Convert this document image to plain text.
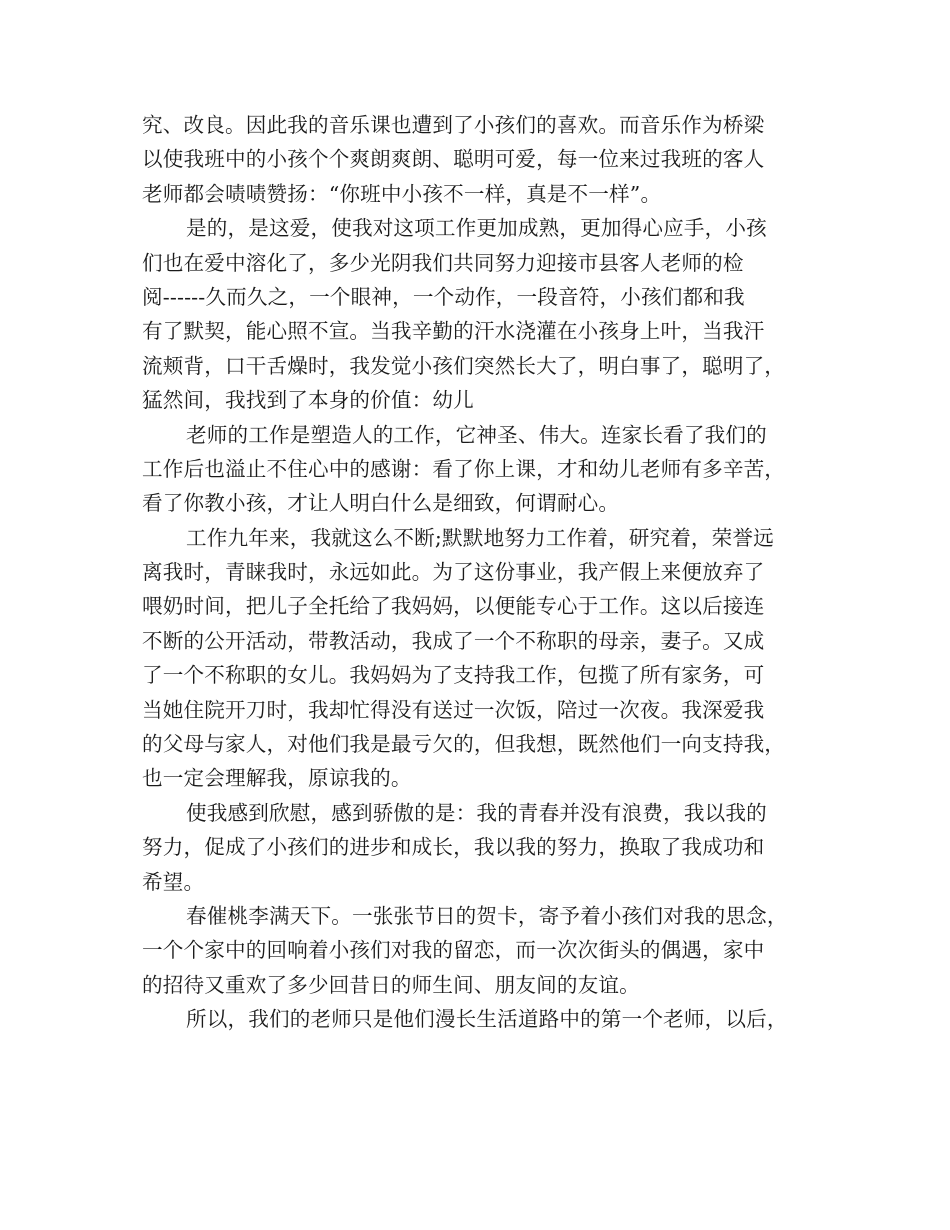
究、改良。因此我的音乐课也遭到了小孩们的喜欢。而音乐作为桥梁
以使我班中的小孩个个爽朗爽朗、聪明可爱，每一位来过我班的客人
老师都会啧啧赞扬：“你班中小孩不一样，真是不一样”。
是的，是这爱，使我对这项工作更加成熟，更加得心应手，小孩
们也在爱中溶化了，多少光阴我们共同努力迎接市县客人老师的检
阅------久而久之，一个眼神，一个动作，一段音符，小孩们都和我
有了默契，能心照不宣。当我辛勤的汗水浇灌在小孩身上叶，当我汗
流颊背，口干舌燥时，我发觉小孩们突然长大了，明白事了，聪明了，
猛然间，我找到了本身的价值：幼儿
老师的工作是塑造人的工作，它神圣、伟大。连家长看了我们的
工作后也溢止不住心中的感谢：看了你上课，才和幼儿老师有多辛苦，
看了你教小孩，才让人明白什么是细致，何谓耐心。
工作九年来，我就这么不断;默默地努力工作着，研究着，荣誉远
离我时，青睐我时，永远如此。为了这份事业，我产假上来便放弃了
喂奶时间，把儿子全托给了我妈妈，以便能专心于工作。这以后接连
不断的公开活动，带教活动，我成了一个不称职的母亲，妻子。又成
了一个不称职的女儿。我妈妈为了支持我工作，包揽了所有家务，可
当她住院开刀时，我却忙得没有送过一次饭，陪过一次夜。我深爱我
的父母与家人，对他们我是最亏欠的，但我想，既然他们一向支持我，
也一定会理解我，原谅我的。
使我感到欣慰，感到骄傲的是：我的青春并没有浪费，我以我的
努力，促成了小孩们的进步和成长，我以我的努力，换取了我成功和
希望。
春催桃李满天下。一张张节日的贺卡，寄予着小孩们对我的思念，
一个个家中的回响着小孩们对我的留恋，而一次次街头的偶遇，家中
的招待又重欢了多少回昔日的师生间、朋友间的友谊。
所以，我们的老师只是他们漫长生活道路中的第一个老师，以后，
